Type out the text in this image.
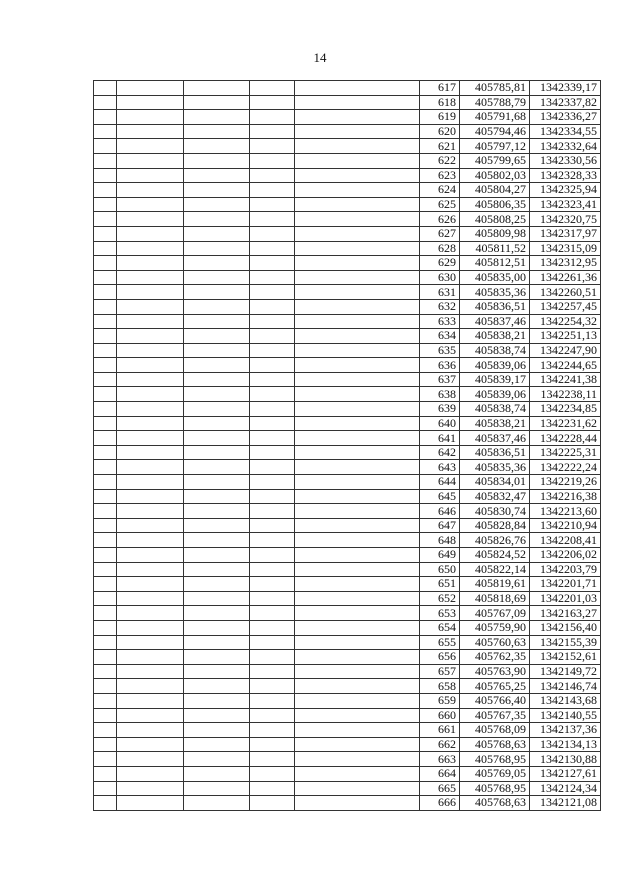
14
					617	405785,81	1342339,17
					618	405788,79	1342337,82
					619	405791,68	1342336,27
					620	405794,46	1342334,55
					621	405797,12	1342332,64
					622	405799,65	1342330,56
					623	405802,03	1342328,33
					624	405804,27	1342325,94
					625	405806,35	1342323,41
					626	405808,25	1342320,75
					627	405809,98	1342317,97
					628	405811,52	1342315,09
					629	405812,51	1342312,95
					630	405835,00	1342261,36
					631	405835,36	1342260,51
					632	405836,51	1342257,45
					633	405837,46	1342254,32
					634	405838,21	1342251,13
					635	405838,74	1342247,90
					636	405839,06	1342244,65
					637	405839,17	1342241,38
					638	405839,06	1342238,11
					639	405838,74	1342234,85
					640	405838,21	1342231,62
					641	405837,46	1342228,44
					642	405836,51	1342225,31
					643	405835,36	1342222,24
					644	405834,01	1342219,26
					645	405832,47	1342216,38
					646	405830,74	1342213,60
					647	405828,84	1342210,94
					648	405826,76	1342208,41
					649	405824,52	1342206,02
					650	405822,14	1342203,79
					651	405819,61	1342201,71
					652	405818,69	1342201,03
					653	405767,09	1342163,27
					654	405759,90	1342156,40
					655	405760,63	1342155,39
					656	405762,35	1342152,61
					657	405763,90	1342149,72
					658	405765,25	1342146,74
					659	405766,40	1342143,68
					660	405767,35	1342140,55
					661	405768,09	1342137,36
					662	405768,63	1342134,13
					663	405768,95	1342130,88
					664	405769,05	1342127,61
					665	405768,95	1342124,34
					666	405768,63	1342121,08
